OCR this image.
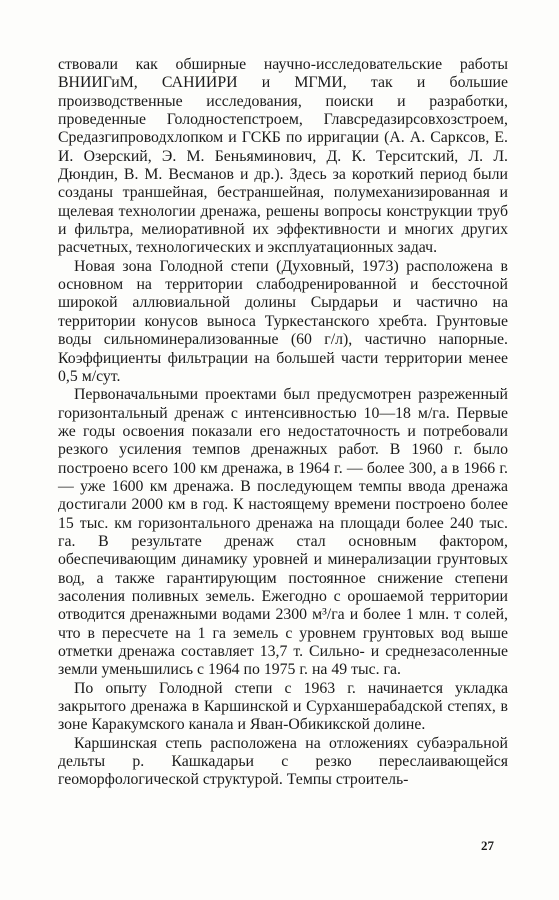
ствовали как обширные научно-исследовательские работы ВНИИГиМ, САНИИРИ и МГМИ, так и большие производственные исследования, поиски и разработки, проведенные Голодностепстроем, Главсредазирсовхозстроем, Средазгипроводхлопком и ГСКБ по ирригации (А. А. Сарксов, Е. И. Озерский, Э. М. Беньяминович, Д. К. Терситский, Л. Л. Дюндин, В. М. Весманов и др.). Здесь за короткий период были созданы траншейная, бестраншейная, полумеханизированная и щелевая технологии дренажа, решены вопросы конструкции труб и фильтра, мелиоративной их эффективности и многих других расчетных, технологических и эксплуатационных задач.

Новая зона Голодной степи (Духовный, 1973) расположена в основном на территории слабодренированной и бессточной широкой аллювиальной долины Сырдарьи и частично на территории конусов выноса Туркестанского хребта. Грунтовые воды сильноминерализованные (60 г/л), частично напорные. Коэффициенты фильтрации на большей части территории менее 0,5 м/сут.

Первоначальными проектами был предусмотрен разреженный горизонтальный дренаж с интенсивностью 10—18 м/га. Первые же годы освоения показали его недостаточность и потребовали резкого усиления темпов дренажных работ. В 1960 г. было построено всего 100 км дренажа, в 1964 г. — более 300, а в 1966 г. — уже 1600 км дренажа. В последующем темпы ввода дренажа достигали 2000 км в год. К настоящему времени построено более 15 тыс. км горизонтального дренажа на площади более 240 тыс. га. В результате дренаж стал основным фактором, обеспечивающим динамику уровней и минерализации грунтовых вод, а также гарантирующим постоянное снижение степени засоления поливных земель. Ежегодно с орошаемой территории отводится дренажными водами 2300 м³/га и более 1 млн. т солей, что в пересчете на 1 га земель с уровнем грунтовых вод выше отметки дренажа составляет 13,7 т. Сильно- и среднезасоленные земли уменьшились с 1964 по 1975 г. на 49 тыс. га.

По опыту Голодной степи с 1963 г. начинается укладка закрытого дренажа в Каршинской и Сурханшерабадской степях, в зоне Каракумского канала и Яван-Обикикской долине.

Каршинская степь расположена на отложениях субаэральной дельты р. Кашкадарьи с резко переслаивающейся геоморфологической структурой. Темпы строитель-

27
